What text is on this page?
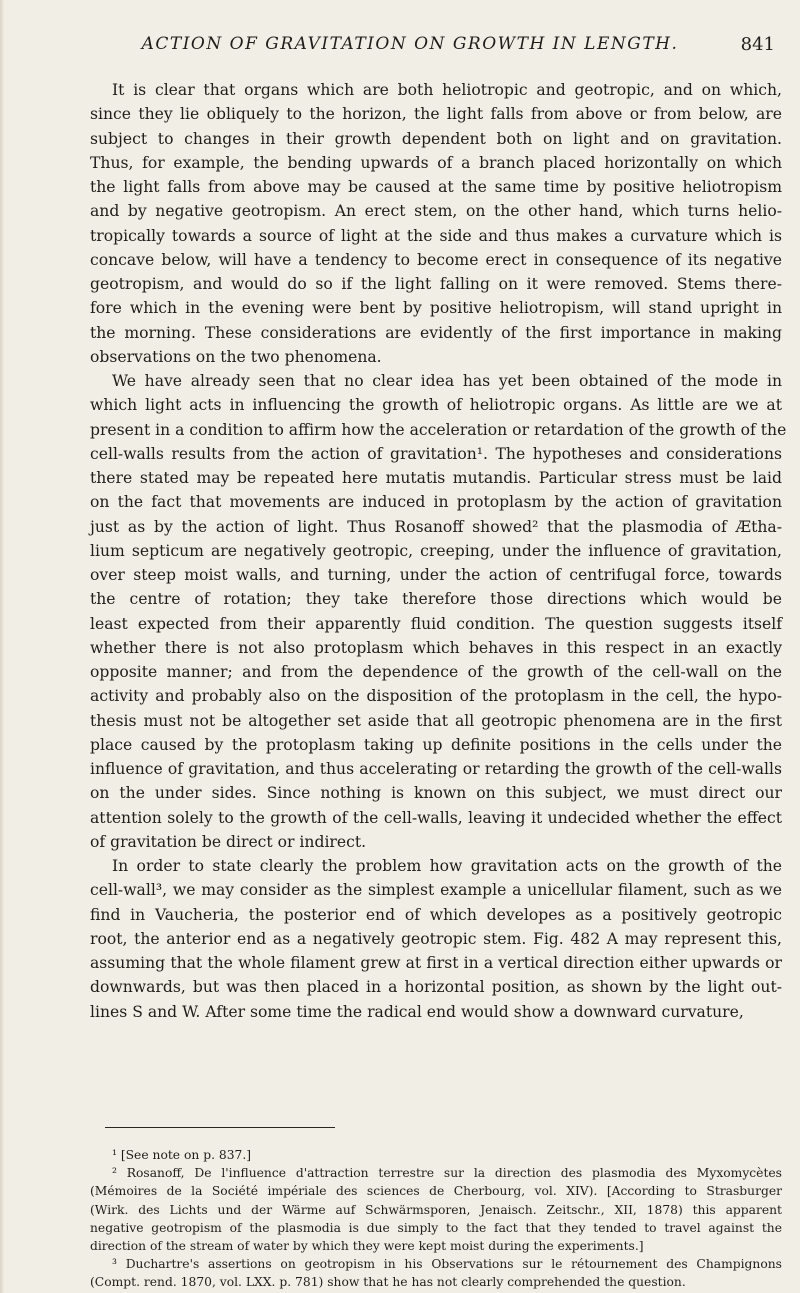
ACTION OF GRAVITATION ON GROWTH IN LENGTH.	841
It is clear that organs which are both heliotropic and geotropic, and on which,
since they lie obliquely to the horizon, the light falls from above or from below, are
subject to changes in their growth dependent both on light and on gravitation.
Thus, for example, the bending upwards of a branch placed horizontally on which
the light falls from above may be caused at the same time by positive heliotropism
and by negative geotropism. An erect stem, on the other hand, which turns helio-
tropically towards a source of light at the side and thus makes a curvature which is
concave below, will have a tendency to become erect in consequence of its negative
geotropism, and would do so if the light falling on it were removed. Stems there-
fore which in the evening were bent by positive heliotropism, will stand upright in
the morning. These considerations are evidently of the first importance in making
observations on the two phenomena.
We have already seen that no clear idea has yet been obtained of the mode in
which light acts in influencing the growth of heliotropic organs. As little are we at
present in a condition to affirm how the acceleration or retardation of the growth of the
cell-walls results from the action of gravitation¹. The hypotheses and considerations
there stated may be repeated here mutatis mutandis. Particular stress must be laid
on the fact that movements are induced in protoplasm by the action of gravitation
just as by the action of light. Thus Rosanoff showed² that the plasmodia of Ætha-
lium septicum are negatively geotropic, creeping, under the influence of gravitation,
over steep moist walls, and turning, under the action of centrifugal force, towards
the centre of rotation; they take therefore those directions which would be
least expected from their apparently fluid condition. The question suggests itself
whether there is not also protoplasm which behaves in this respect in an exactly
opposite manner; and from the dependence of the growth of the cell-wall on the
activity and probably also on the disposition of the protoplasm in the cell, the hypo-
thesis must not be altogether set aside that all geotropic phenomena are in the first
place caused by the protoplasm taking up definite positions in the cells under the
influence of gravitation, and thus accelerating or retarding the growth of the cell-walls
on the under sides. Since nothing is known on this subject, we must direct our
attention solely to the growth of the cell-walls, leaving it undecided whether the effect
of gravitation be direct or indirect.
In order to state clearly the problem how gravitation acts on the growth of the
cell-wall³, we may consider as the simplest example a unicellular filament, such as we
find in Vaucheria, the posterior end of which developes as a positively geotropic
root, the anterior end as a negatively geotropic stem. Fig. 482 A may represent this,
assuming that the whole filament grew at first in a vertical direction either upwards or
downwards, but was then placed in a horizontal position, as shown by the light out-
lines S and W. After some time the radical end would show a downward curvature,
¹ [See note on p. 837.]
² Rosanoff, De l'influence d'attraction terrestre sur la direction des plasmodia des Myxomycètes
(Mémoires de la Société impériale des sciences de Cherbourg, vol. XIV). [According to Strasburger
(Wirk. des Lichts und der Wärme auf Schwärmsporen, Jenaisch. Zeitschr., XII, 1878) this apparent
negative geotropism of the plasmodia is due simply to the fact that they tended to travel against the
direction of the stream of water by which they were kept moist during the experiments.]
³ Duchartre's assertions on geotropism in his Observations sur le rétournement des Champignons
(Compt. rend. 1870, vol. LXX. p. 781) show that he has not clearly comprehended the question.
